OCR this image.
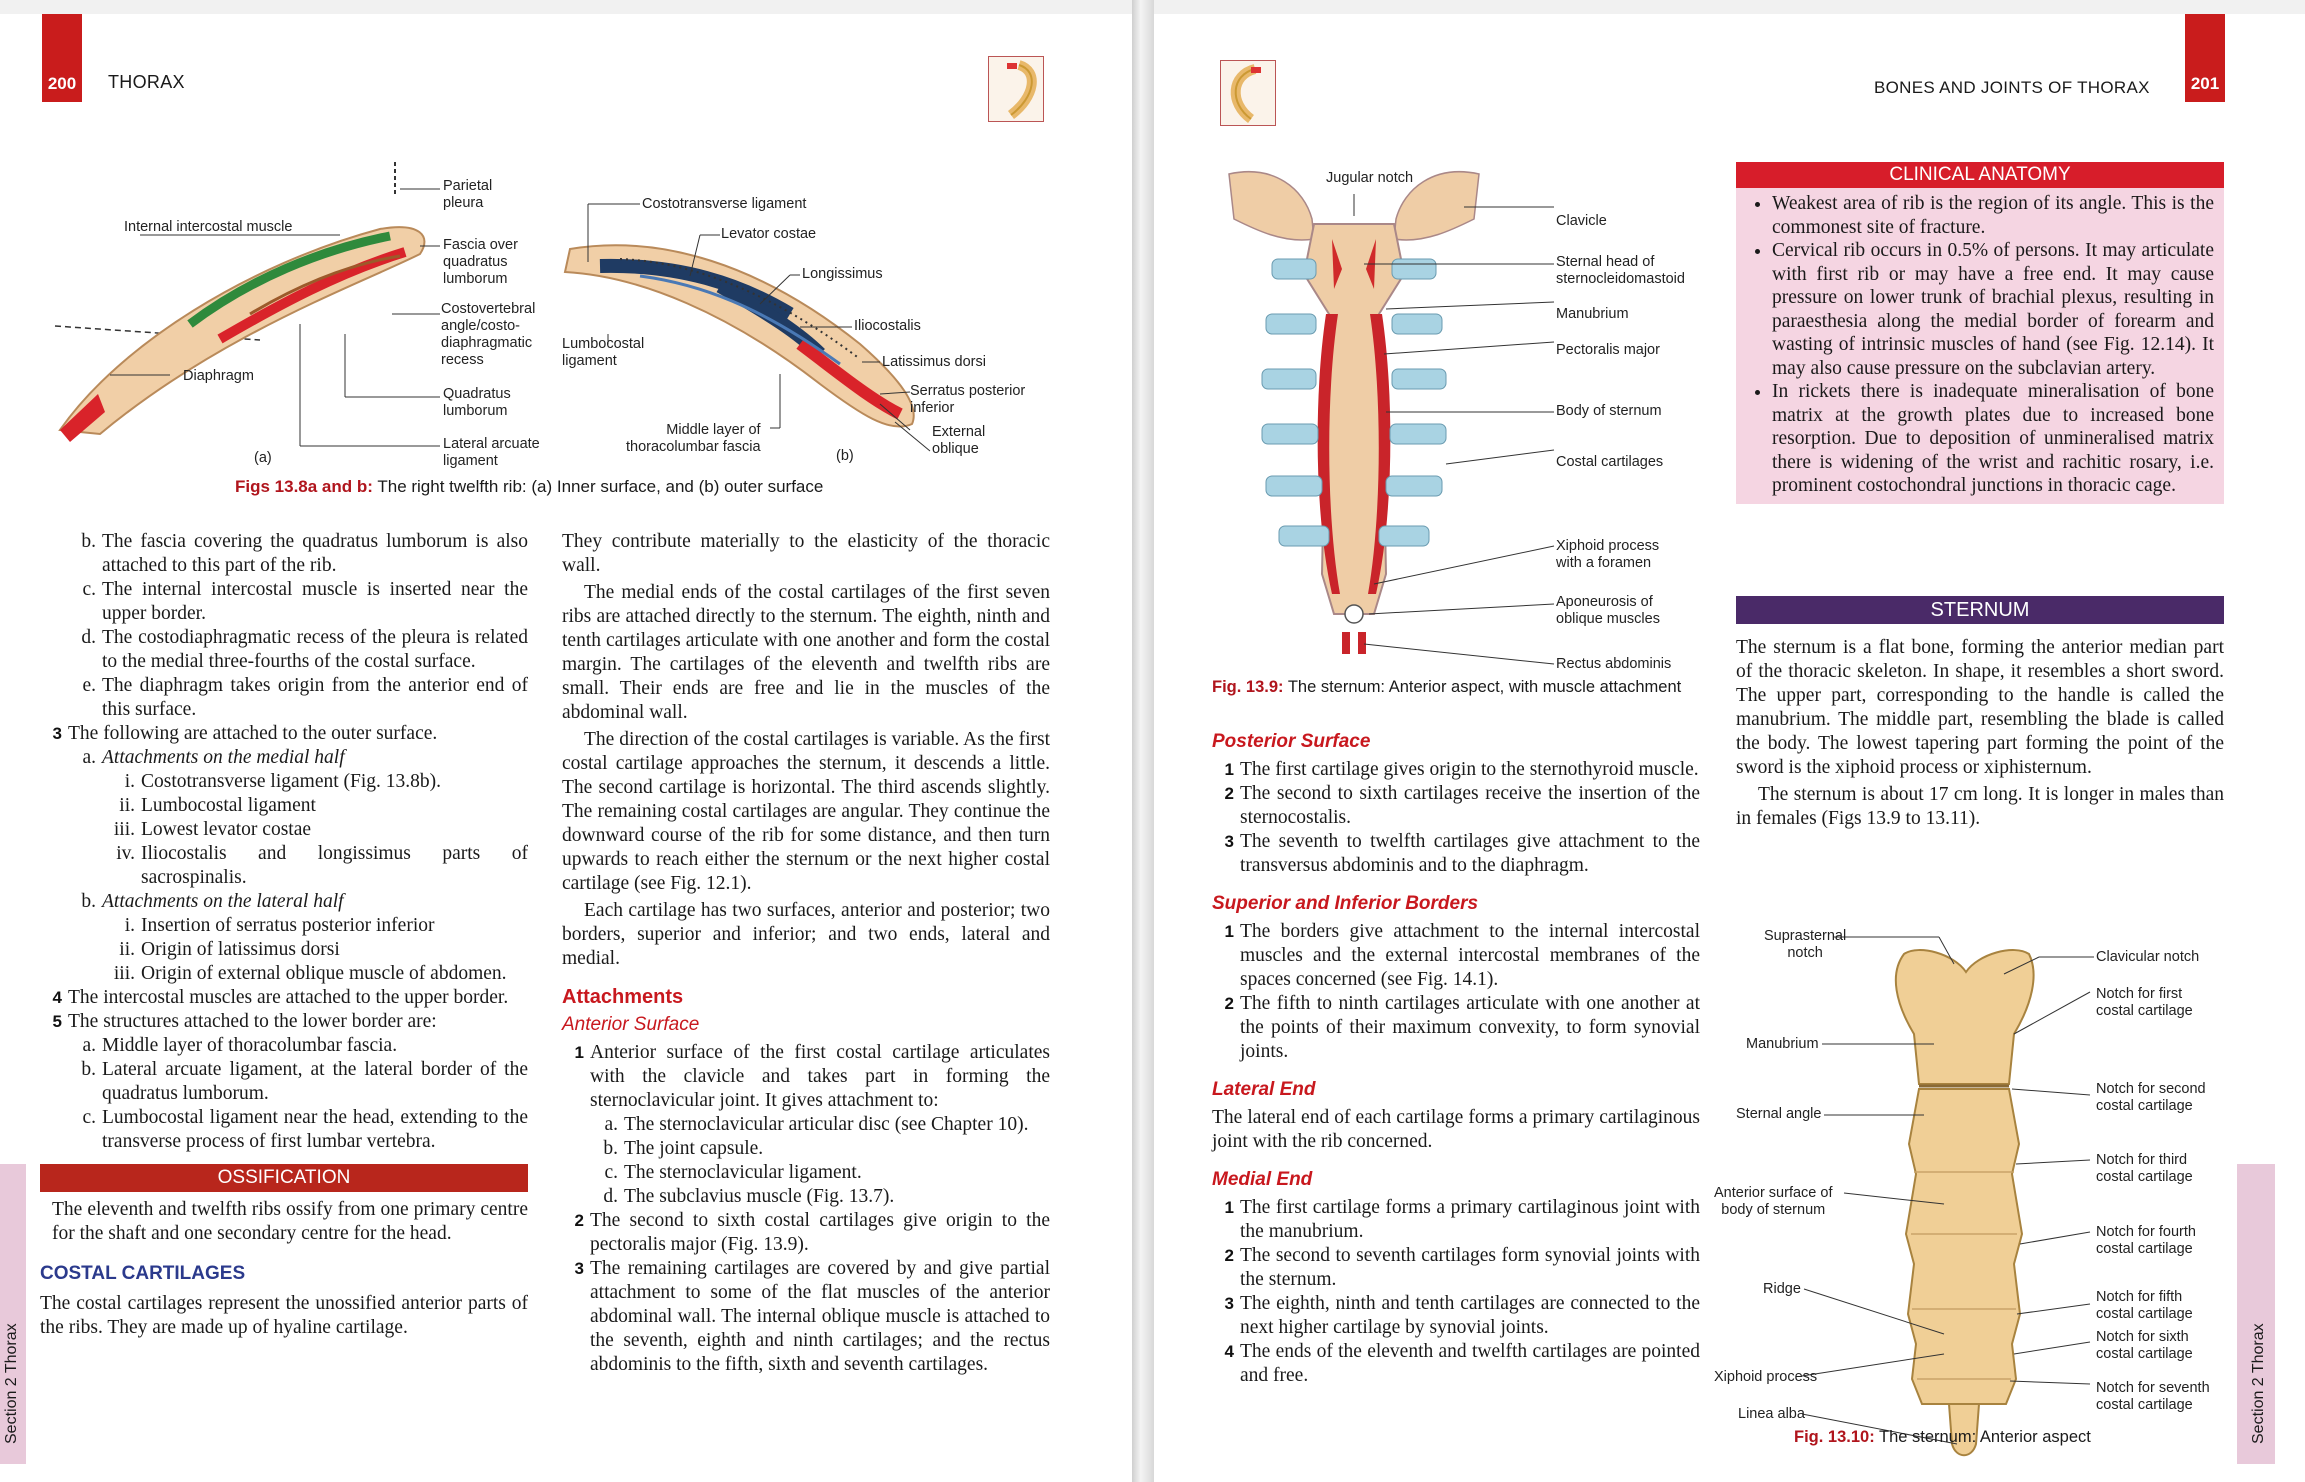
200	THORAX
Parietal
pleura
Internal intercostal muscle
Fascia over
quadratus
lumborum
Costovertebral
angle/costo-
diaphragmatic
recess
Diaphragm
Quadratus
lumborum
Lateral arcuate
ligament
(a)
Costotransverse ligament
Levator costae
Longissimus
Iliocostalis
Lumbocostal
ligament	Latissimus dorsi
Serratus posterior
inferior
External
oblique
Middle layer of
thoracolumbar fascia
(b)
Figs 13.8a and b: The right twelfth rib: (a) Inner surface, and (b) outer surface
b. The fascia covering the quadratus lumborum is also attached to this part of the rib.
c. The internal intercostal muscle is inserted near the upper border.
d. The costodiaphragmatic recess of the pleura is related to the medial three-fourths of the costal surface.
e. The diaphragm takes origin from the anterior end of this surface.
3 The following are attached to the outer surface.
a. Attachments on the medial half
i. Costotransverse ligament (Fig. 13.8b).
ii. Lumbocostal ligament
iii. Lowest levator costae
iv. Iliocostalis and longissimus parts of sacrospinalis.
b. Attachments on the lateral half
i. Insertion of serratus posterior inferior
ii. Origin of latissimus dorsi
iii. Origin of external oblique muscle of abdomen.
4 The intercostal muscles are attached to the upper border.
5 The structures attached to the lower border are:
a. Middle layer of thoracolumbar fascia.
b. Lateral arcuate ligament, at the lateral border of the quadratus lumborum.
c. Lumbocostal ligament near the head, extending to the transverse process of first lumbar vertebra.
OSSIFICATION

The eleventh and twelfth ribs ossify from one primary centre for the shaft and one secondary centre for the head.

COSTAL CARTILAGES

The costal cartilages represent the unossified anterior parts of the ribs. They are made up of hyaline cartilage.

They contribute materially to the elasticity of the thoracic wall.

The medial ends of the costal cartilages of the first seven ribs are attached directly to the sternum. The eighth, ninth and tenth cartilages articulate with one another and form the costal margin. The cartilages of the eleventh and twelfth ribs are small. Their ends are free and lie in the muscles of the abdominal wall.

The direction of the costal cartilages is variable. As the first costal cartilage approaches the sternum, it descends a little. The second cartilage is horizontal. The third ascends slightly. The remaining costal cartilages are angular. They continue the downward course of the rib for some distance, and then turn upwards to reach either the sternum or the next higher costal cartilage (see Fig. 12.1).

Each cartilage has two surfaces, anterior and posterior; two borders, superior and inferior; and two ends, lateral and medial.

Attachments
Anterior Surface
1 Anterior surface of the first costal cartilage articulates with the clavicle and takes part in forming the sternoclavicular joint. It gives attachment to:
a. The sternoclavicular articular disc (see Chapter 10).
b. The joint capsule.
c. The sternoclavicular ligament.
d. The subclavius muscle (Fig. 13.7).
2 The second to sixth costal cartilages give origin to the pectoralis major (Fig. 13.9).
3 The remaining cartilages are covered by and give partial attachment to some of the flat muscles of the anterior abdominal wall. The internal oblique muscle is attached to the seventh, eighth and ninth cartilages; and the rectus abdominis to the fifth, sixth and seventh cartilages.
Section 2 Thorax
201
BONES AND JOINTS OF THORAX
Jugular notch
Clavicle
Sternal head of
sternocleidomastoid
Manubrium
Pectoralis major
Body of sternum
Costal cartilages
Xiphoid process
with a foramen
Aponeurosis of
oblique muscles
Rectus abdominis
Fig. 13.9: The sternum: Anterior aspect, with muscle attachment
Posterior Surface
1 The first cartilage gives origin to the sternothyroid muscle.
2 The second to sixth cartilages receive the insertion of the sternocostalis.
3 The seventh to twelfth cartilages give attachment to the transversus abdominis and to the diaphragm.
Superior and Inferior Borders
1 The borders give attachment to the internal intercostal muscles and the external intercostal membranes of the spaces concerned (see Fig. 14.1).
2 The fifth to ninth cartilages articulate with one another at the points of their maximum convexity, to form synovial joints.
Lateral End

The lateral end of each cartilage forms a primary cartilaginous joint with the rib concerned.

Medial End
1 The first cartilage forms a primary cartilaginous joint with the manubrium.
2 The second to seventh cartilages form synovial joints with the sternum.
3 The eighth, ninth and tenth cartilages are connected to the next higher cartilage by synovial joints.
4 The ends of the eleventh and twelfth cartilages are pointed and free.
CLINICAL ANATOMY
• Weakest area of rib is the region of its angle. This is the commonest site of fracture.
• Cervical rib occurs in 0.5% of persons. It may articulate with first rib or may have a free end. It may cause pressure on lower trunk of brachial plexus, resulting in paraesthesia along the medial border of forearm and wasting of intrinsic muscles of hand (see Fig. 12.14). It may also cause pressure on the subclavian artery.
• In rickets there is inadequate mineralisation of bone matrix at the growth plates due to increased bone resorption. Due to deposition of unmineralised matrix there is widening of the wrist and rachitic rosary, i.e. prominent costochondral junctions in thoracic cage.
STERNUM

The sternum is a flat bone, forming the anterior median part of the thoracic skeleton. In shape, it resembles a short sword. The upper part, corresponding to the handle is called the manubrium. The middle part, resembling the blade is called the body. The lowest tapering part forming the point of the sword is the xiphoid process or xiphisternum.

The sternum is about 17 cm long. It is longer in males than in females (Figs 13.9 to 13.11).

Suprasternal
notch
Manubrium
Sternal angle
Anterior surface of
body of sternum
Ridge
Xiphoid process
Linea alba
Clavicular notch
Notch for first
costal cartilage
Notch for second
costal cartilage
Notch for third
costal cartilage
Notch for fourth
costal cartilage
Notch for fifth
costal cartilage
Notch for sixth
costal cartilage
Notch for seventh
costal cartilage
Fig. 13.10: The sternum: Anterior aspect	Section 2 Thorax
